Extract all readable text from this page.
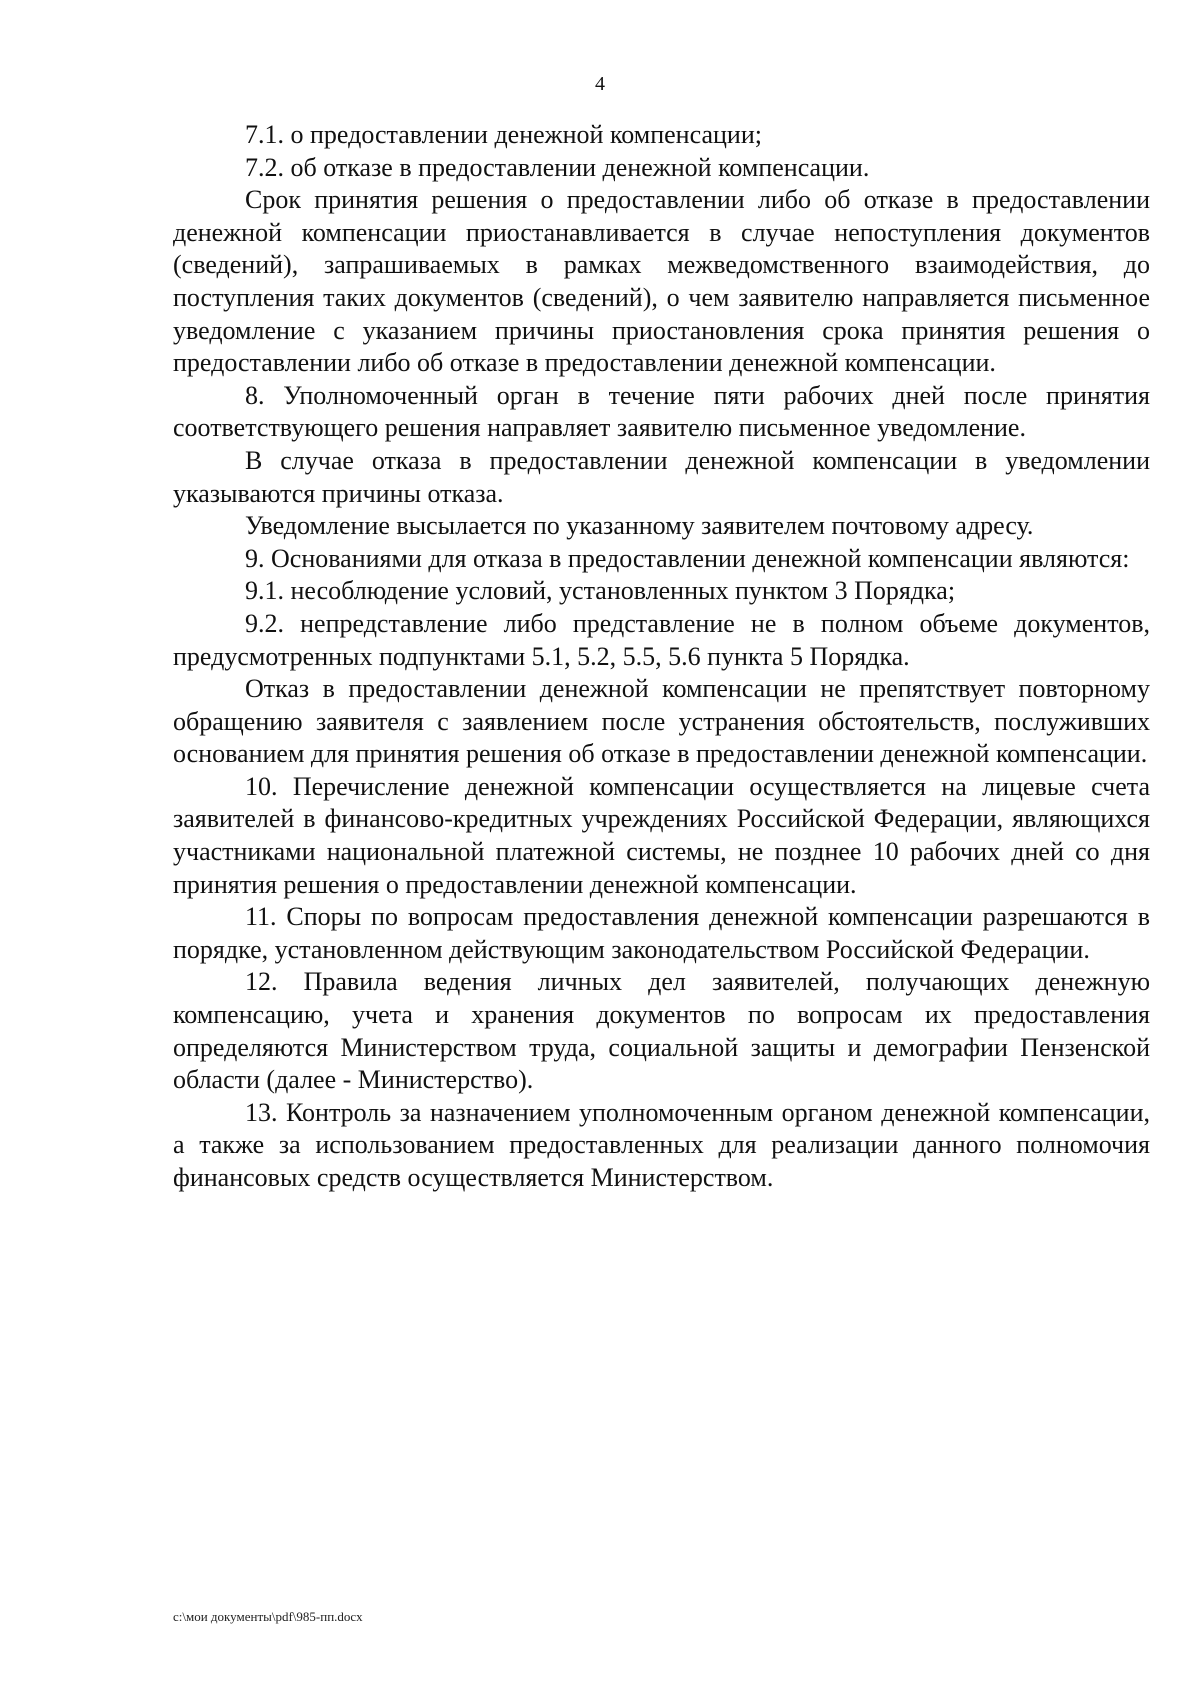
4

7.1. о предоставлении денежной компенсации;

7.2. об отказе в предоставлении денежной компенсации.

Срок принятия решения о предоставлении либо об отказе в предоставлении денежной компенсации приостанавливается в случае непоступления документов (сведений), запрашиваемых в рамках межведомственного взаимодействия, до поступления таких документов (сведений), о чем заявителю направляется письменное уведомление с указанием причины приостановления срока принятия решения о предоставлении либо об отказе в предоставлении денежной компенсации.

8. Уполномоченный орган в течение пяти рабочих дней после принятия соответствующего решения направляет заявителю письменное уведомление.

В случае отказа в предоставлении денежной компенсации в уведомлении указываются причины отказа.

Уведомление высылается по указанному заявителем почтовому адресу.

9. Основаниями для отказа в предоставлении денежной компенсации являются:

9.1. несоблюдение условий, установленных пунктом 3 Порядка;

9.2. непредставление либо представление не в полном объеме документов, предусмотренных подпунктами 5.1, 5.2, 5.5, 5.6 пункта 5 Порядка.

Отказ в предоставлении денежной компенсации не препятствует повторному обращению заявителя с заявлением после устранения обстоятельств, послуживших основанием для принятия решения об отказе в предоставлении денежной компенсации.

10. Перечисление денежной компенсации осуществляется на лицевые счета заявителей в финансово-кредитных учреждениях Российской Федерации, являющихся участниками национальной платежной системы, не позднее 10 рабочих дней со дня принятия решения о предоставлении денежной компенсации.

11. Споры по вопросам предоставления денежной компенсации разрешаются в порядке, установленном действующим законодательством Российской Федерации.

12. Правила ведения личных дел заявителей, получающих денежную компенсацию, учета и хранения документов по вопросам их предоставления определяются Министерством труда, социальной защиты и демографии Пензенской области (далее - Министерство).

13. Контроль за назначением уполномоченным органом денежной компенсации, а также за использованием предоставленных для реализации данного полномочия финансовых средств осуществляется Министерством.

c:\мои документы\pdf\985-пп.docx
